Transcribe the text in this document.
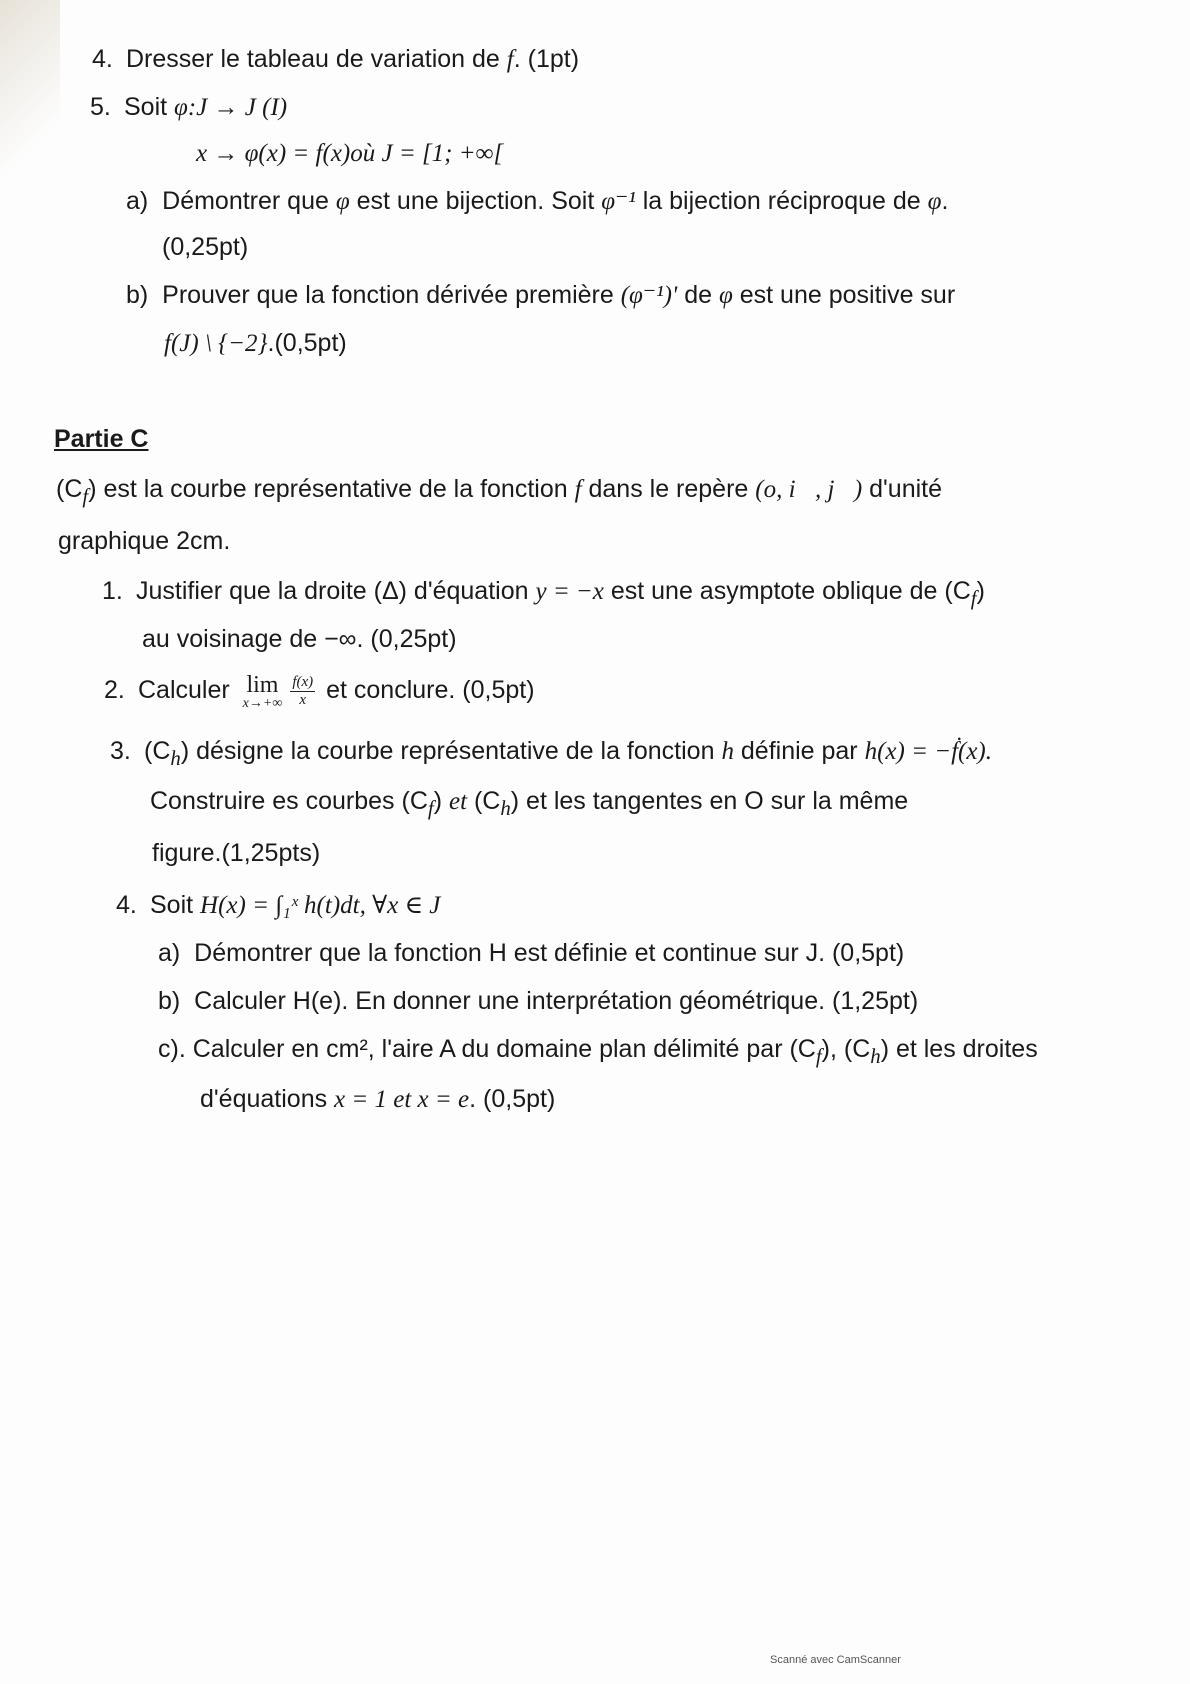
4. Dresser le tableau de variation de f. (1pt)
5. Soit φ:J → J (I)
x → φ(x) = f(x)où J = [1; +∞[
a) Démontrer que φ est une bijection. Soit φ⁻¹ la bijection réciproque de φ.
(0,25pt)
b) Prouver que la fonction dérivée première (φ⁻¹)' de φ est une positive sur
f(J) \ {−2}.(0,5pt)
Partie C
$(C_f)$ est la courbe représentative de la fonction f dans le repère (o, i⃗, j⃗) d'unité
graphique 2cm.
1. Justifier que la droite (Δ) d'équation y = −x est une asymptote oblique de $(C_f)$
au voisinage de −∞. (0,25pt)
2. Calculer lim
$x\to+\infty \frac{f(x)}{x}$ et conclure. (0,5pt)
3. $(C_h)$ désigne la courbe représentative de la fonction h définie par h(x) = −ḟ(x).
Construire es courbes $(C_f)$ et $(C_h)$ et les tangentes en O sur la même
figure.(1,25pts)
4. Soit H(x) = ∫₁ˣ h(t)dt, ∀x ∈ J
a) Démontrer que la fonction H est définie et continue sur J. (0,5pt)
b) Calculer H(e). En donner une interprétation géométrique. (1,25pt)
c). Calculer en cm², l'aire A du domaine plan délimité par $(C_f)$, $(C_h)$ et les droites
d'équations x = 1 et x = e. (0,5pt)
Scanné avec CamScanner
